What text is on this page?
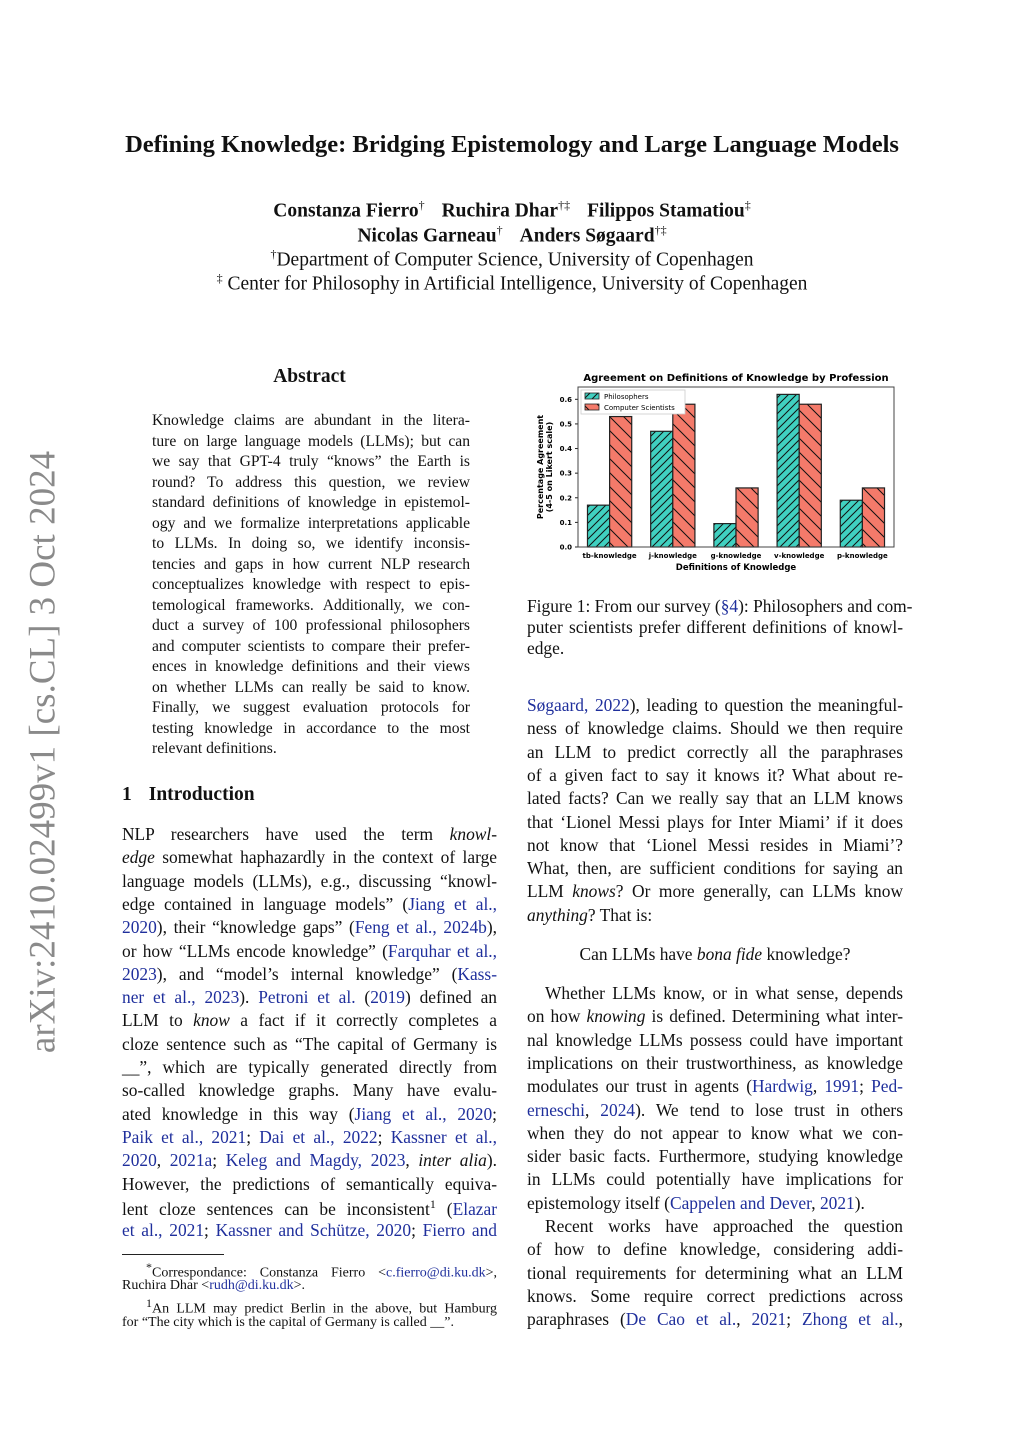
arXiv:2410.02499v1 [cs.CL] 3 Oct 2024
Defining Knowledge: Bridging Epistemology and Large Language Models
Constanza Fierro† Ruchira Dhar†‡ Filippos Stamatiou‡
Nicolas Garneau† Anders Søgaard†‡
†Department of Computer Science, University of Copenhagen
‡ Center for Philosophy in Artificial Intelligence, University of Copenhagen
Abstract
Knowledge claims are abundant in the litera-
ture on large language models (LLMs); but can
we say that GPT-4 truly “knows” the Earth is
round? To address this question, we review
standard definitions of knowledge in epistemol-
ogy and we formalize interpretations applicable
to LLMs. In doing so, we identify inconsis-
tencies and gaps in how current NLP research
conceptualizes knowledge with respect to epis-
temological frameworks. Additionally, we con-
duct a survey of 100 professional philosophers
and computer scientists to compare their prefer-
ences in knowledge definitions and their views
on whether LLMs can really be said to know.
Finally, we suggest evaluation protocols for
testing knowledge in accordance to the most
relevant definitions.
1 Introduction
NLP researchers have used the term knowl-
edge somewhat haphazardly in the context of large
language models (LLMs), e.g., discussing “knowl-
edge contained in language models” (Jiang et al.,
2020), their “knowledge gaps” (Feng et al., 2024b),
or how “LLMs encode knowledge” (Farquhar et al.,
2023), and “model’s internal knowledge” (Kass-
ner et al., 2023). Petroni et al. (2019) defined an
LLM to know a fact if it correctly completes a
cloze sentence such as “The capital of Germany is
__”, which are typically generated directly from
so-called knowledge graphs. Many have evalu-
ated knowledge in this way (Jiang et al., 2020;
Paik et al., 2021; Dai et al., 2022; Kassner et al.,
2020, 2021a; Keleg and Magdy, 2023, inter alia).
However, the predictions of semantically equiva-
lent cloze sentences can be inconsistent$^1$ (Elazar
et al., 2021; Kassner and Schütze, 2020; Fierro and
*Correspondance: Constanza Fierro <c.fierro@di.ku.dk>,
Ruchira Dhar <rudh@di.ku.dk>.
$^1$An LLM may predict Berlin in the above, but Hamburg
for “The city which is the capital of Germany is called __”.
Agreement on Definitions of Knowledge by Profession
0.0
0.1
0.2
0.3
0.4
0.5
0.6
tb-knowledge j-knowledge g-knowledge v-knowledge p-knowledge
Definitions of Knowledge
Percentage Agreement (4-5 on Likert scale)
Philosophers
Computer Scientists
Figure 1: From our survey (§4): Philosophers and com-
puter scientists prefer different definitions of knowl-
edge.
Søgaard, 2022), leading to question the meaningful-
ness of knowledge claims. Should we then require
an LLM to predict correctly all the paraphrases
of a given fact to say it knows it? What about re-
lated facts? Can we really say that an LLM knows
that ‘Lionel Messi plays for Inter Miami’ if it does
not know that ‘Lionel Messi resides in Miami’?
What, then, are sufficient conditions for saying an
LLM knows? Or more generally, can LLMs know
anything? That is:
Can LLMs have bona fide knowledge?
Whether LLMs know, or in what sense, depends
on how knowing is defined. Determining what inter-
nal knowledge LLMs possess could have important
implications on their trustworthiness, as knowledge
modulates our trust in agents (Hardwig, 1991; Ped-
erneschi, 2024). We tend to lose trust in others
when they do not appear to know what we con-
sider basic facts. Furthermore, studying knowledge
in LLMs could potentially have implications for
epistemology itself (Cappelen and Dever, 2021).
Recent works have approached the question
of how to define knowledge, considering addi-
tional requirements for determining what an LLM
knows. Some require correct predictions across
paraphrases (De Cao et al., 2021; Zhong et al.,
